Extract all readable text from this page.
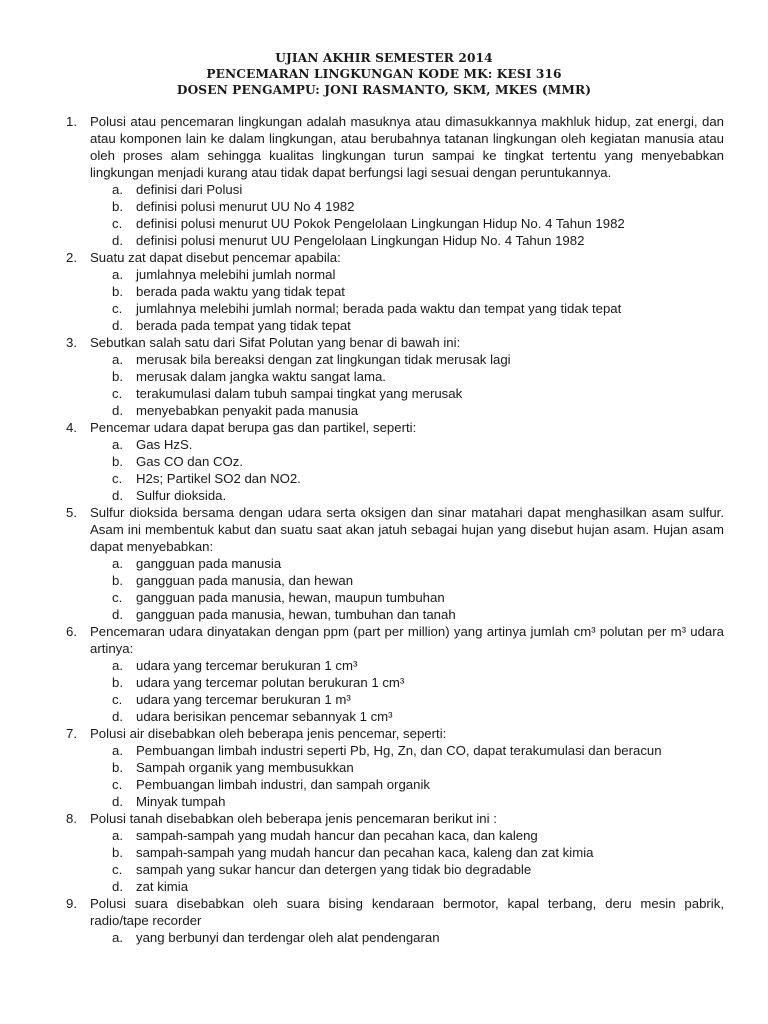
UJIAN AKHIR SEMESTER 2014
PENCEMARAN LINGKUNGAN KODE MK: KESI 316
DOSEN PENGAMPU: JONI RASMANTO, SKM, MKES (MMR)
1. Polusi atau pencemaran lingkungan adalah masuknya atau dimasukkannya makhluk hidup, zat energi, dan atau komponen lain ke dalam lingkungan, atau berubahnya tatanan lingkungan oleh kegiatan manusia atau oleh proses alam sehingga kualitas lingkungan turun sampai ke tingkat tertentu yang menyebabkan lingkungan menjadi kurang atau tidak dapat berfungsi lagi sesuai dengan peruntukannya.
a. definisi dari Polusi
b. definisi polusi menurut UU No 4 1982
c.	definisi polusi menurut UU Pokok Pengelolaan Lingkungan Hidup No. 4 Tahun 1982
d. definisi polusi menurut UU Pengelolaan Lingkungan Hidup No. 4 Tahun 1982
2. Suatu zat dapat disebut pencemar apabila:
a. jumlahnya melebihi jumlah normal
b. berada pada waktu yang tidak tepat
c.	jumlahnya melebihi jumlah normal; berada pada waktu dan tempat yang tidak tepat
d. berada pada tempat yang tidak tepat
3. Sebutkan salah satu dari Sifat Polutan yang benar di bawah ini:
a. merusak bila bereaksi dengan zat lingkungan tidak merusak lagi
b. merusak dalam jangka waktu sangat lama.
c.	terakumulasi dalam tubuh sampai tingkat yang merusak
d. menyebabkan penyakit pada manusia
4. Pencemar udara dapat berupa gas dan partikel, seperti:
a. Gas HzS.
b. Gas CO dan COz.
c.	H2s; Partikel SO2 dan NO2.
d. Sulfur dioksida.
5. Sulfur dioksida bersama dengan udara serta oksigen dan sinar matahari dapat menghasilkan asam sulfur. Asam ini membentuk kabut dan suatu saat akan jatuh sebagai hujan yang disebut hujan asam. Hujan asam dapat menyebabkan:
a. gangguan pada manusia
b. gangguan pada manusia, dan hewan
c.	gangguan pada manusia, hewan, maupun tumbuhan
d. gangguan pada manusia, hewan, tumbuhan dan tanah
6. Pencemaran udara dinyatakan dengan ppm (part per million) yang artinya jumlah cm³ polutan per m³ udara artinya:
a. udara yang tercemar berukuran 1 cm³
b. udara yang tercemar polutan berukuran 1 cm³
c.	udara yang tercemar berukuran 1 m³
d. udara berisikan pencemar sebannyak 1 cm³
7. Polusi air disebabkan oleh beberapa jenis pencemar, seperti:
a. Pembuangan limbah industri seperti Pb, Hg, Zn, dan CO, dapat terakumulasi dan beracun
b. Sampah organik yang membusukkan
c.	Pembuangan limbah industri, dan sampah organik
d. Minyak tumpah
8. Polusi tanah disebabkan oleh beberapa jenis pencemaran berikut ini :
a. sampah-sampah yang mudah hancur dan pecahan kaca, dan kaleng
b. sampah-sampah yang mudah hancur dan pecahan kaca, kaleng dan zat kimia
c.	sampah yang sukar hancur dan detergen yang tidak bio degradable
d. zat kimia
9. Polusi suara disebabkan oleh suara bising kendaraan bermotor, kapal terbang, deru mesin pabrik, radio/tape recorder
a. yang berbunyi dan terdengar oleh alat pendengaran
